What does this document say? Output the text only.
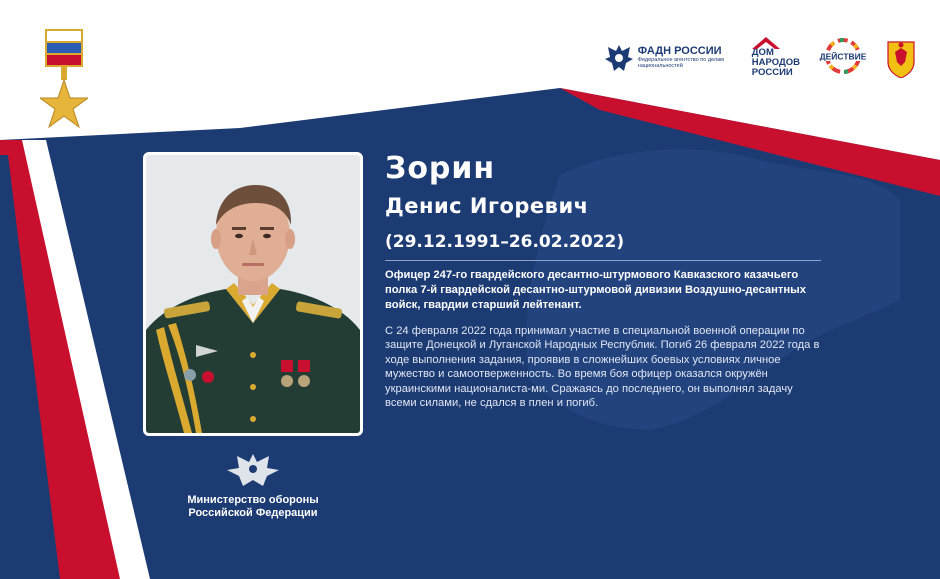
ПРО
ГЕРОЕВ
#ZаРоссию #ZнатьКаждому
ФАДН РОССИИ
Федеральное агентство по делам национальностей
ДОМ
НАРОДОВ
РОССИИ
ДЕЙСТВИЕ
Министерство обороны
Российской Федерации
Зорин
Денис Игоревич
(29.12.1991–26.02.2022)
Офицер 247-го гвардейского десантно-штурмового Кавказского казачьего полка 7-й гвардейской десантно-штурмовой дивизии Воздушно-десантных войск, гвардии старший лейтенант.
С 24 февраля 2022 года принимал участие в специальной военной операции по защите Донецкой и Луганской Народных Республик. Погиб 26 февраля 2022 года в ходе выполнения задания, проявив в сложнейших боевых условиях личное мужество и самоотверженность. Во время боя офицер оказался окружён украинскими националиста-ми. Сражаясь до последнего, он выполнял задачу всеми силами, не сдался в плен и погиб.
